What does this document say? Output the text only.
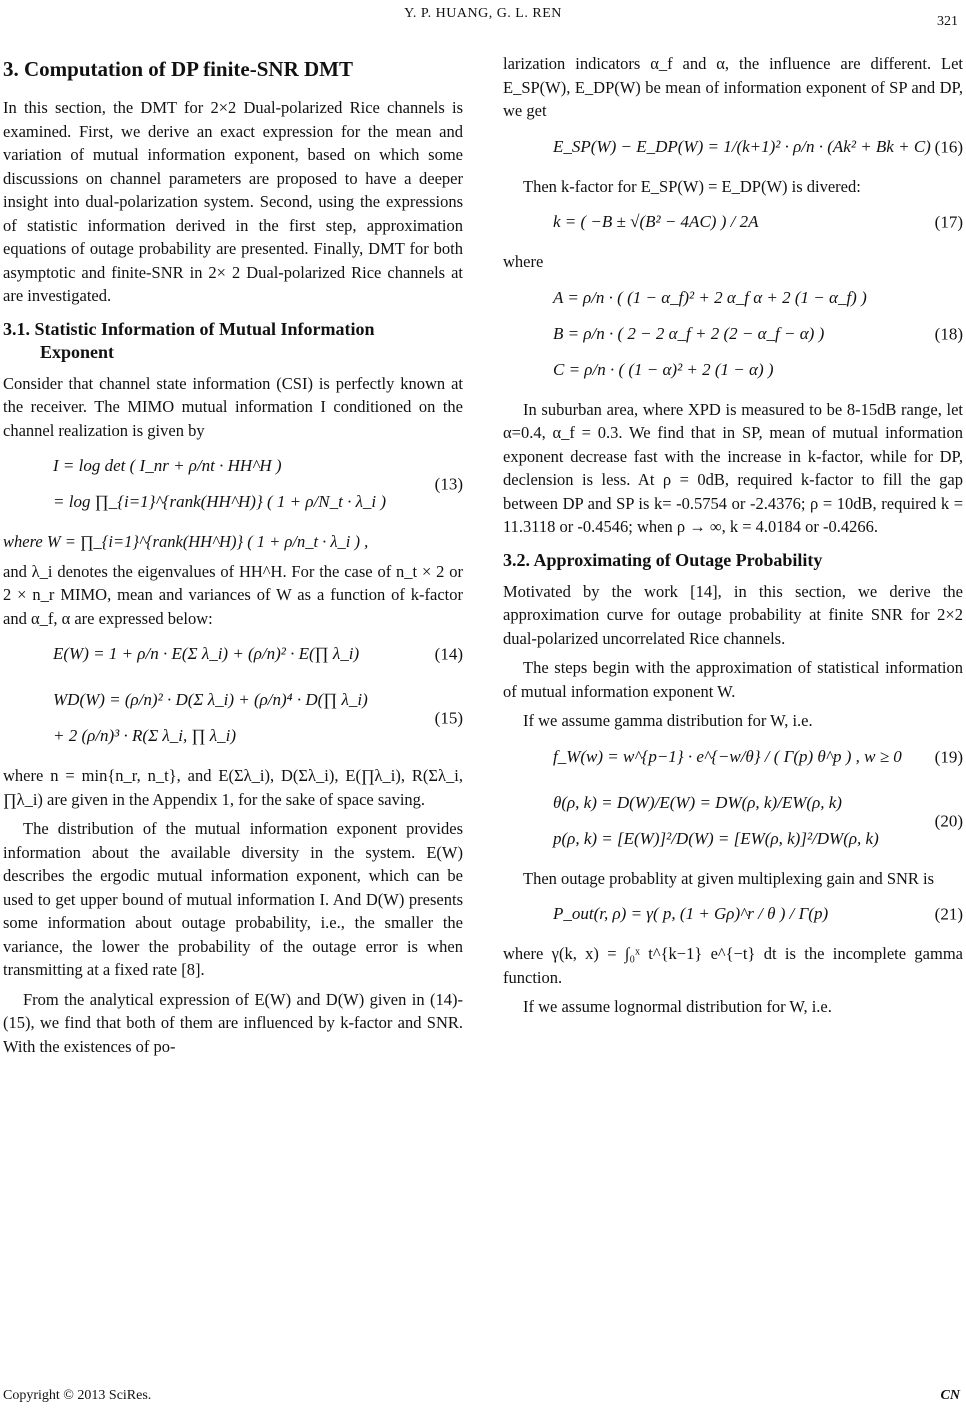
Y. P. HUANG, G. L. REN
321
3. Computation of DP finite-SNR DMT

In this section, the DMT for 2×2 Dual-polarized Rice channels is examined. First, we derive an exact expression for the mean and variation of mutual information exponent, based on which some discussions on channel parameters are proposed to have a deeper insight into dual-polarization system. Second, using the expressions of statistic information derived in the first step, approximation equations of outage probability are presented. Finally, DMT for both asymptotic and finite-SNR in 2× 2 Dual-polarized Rice channels at are investigated.

3.1. Statistic Information of Mutual Information
Exponent

Consider that channel state information (CSI) is perfectly known at the receiver. The MIMO mutual information I conditioned on the channel realization is given by

I = log det ( I_nr + ρ/nt · HH^H )
= log ∏_{i=1}^{rank(HH^H)} ( 1 + ρ/N_t · λ_i )
(13)

where W = ∏_{i=1}^{rank(HH^H)} ( 1 + ρ/n_t · λ_i ) ,

and λ_i denotes the eigenvalues of HH^H. For the case of n_t × 2 or 2 × n_r MIMO, mean and variances of W as a function of k-factor and α_f, α are expressed below:

E(W) = 1 + ρ/n · E(Σ λ_i) + (ρ/n)² · E(∏ λ_i)	(14)
WD(W) = (ρ/n)² · D(Σ λ_i) + (ρ/n)⁴ · D(∏ λ_i)
+ 2 (ρ/n)³ · R(Σ λ_i, ∏ λ_i)
(15)

where n = min{n_r, n_t}, and E(Σλ_i), D(Σλ_i), E(∏λ_i), R(Σλ_i, ∏λ_i) are given in the Appendix 1, for the sake of space saving.

The distribution of the mutual information exponent provides information about the available diversity in the system. E(W) describes the ergodic mutual information exponent, which can be used to get upper bound of mutual information I. And D(W) presents some information about outage probability, i.e., the smaller the variance, the lower the probability of the outage error is when transmitting at a fixed rate [8].

From the analytical expression of E(W) and D(W) given in (14)-(15), we find that both of them are influenced by k-factor and SNR. With the existences of po-

larization indicators α_f and α, the influence are different. Let E_SP(W), E_DP(W) be mean of information exponent of SP and DP, we get

E_SP(W) − E_DP(W) = 1/(k+1)² · ρ/n · (Ak² + Bk + C) (16)

Then k-factor for E_SP(W) = E_DP(W) is divered:

k = ( −B ± √(B² − 4AC) ) / 2A	(17)

where

A = ρ/n · ( (1 − α_f)² + 2 α_f α + 2 (1 − α_f) )
B = ρ/n · ( 2 − 2 α_f + 2 (2 − α_f − α) )
C = ρ/n · ( (1 − α)² + 2 (1 − α) )
(18)

In suburban area, where XPD is measured to be 8-15dB range, let α=0.4, α_f = 0.3. We find that in SP, mean of mutual information exponent decrease fast with the increase in k-factor, while for DP, declension is less. At ρ = 0dB, required k-factor to fill the gap between DP and SP is k= -0.5754 or -2.4376; ρ = 10dB, required k = 11.3118 or -0.4546; when ρ → ∞, k = 4.0184 or -0.4266.

3.2. Approximating of Outage Probability

Motivated by the work [14], in this section, we derive the approximation curve for outage probability at finite SNR for 2×2 dual-polarized uncorrelated Rice channels.

The steps begin with the approximation of statistical information of mutual information exponent W.

If we assume gamma distribution for W, i.e.

f_W(w) = w^{p−1} · e^{−w/θ} / ( Γ(p) θ^p ) , w ≥ 0	(19)
θ(ρ, k) = D(W)/E(W) = DW(ρ, k)/EW(ρ, k)
p(ρ, k) = [E(W)]²/D(W) = [EW(ρ, k)]²/DW(ρ, k)
(20)

Then outage probablity at given multiplexing gain and SNR is

P_out(r, ρ) = γ( p, (1 + Gρ)^r / θ ) / Γ(p)	(21)

where γ(k, x) = ∫₀ˣ t^{k−1} e^{−t} dt is the incomplete gamma function.

If we assume lognormal distribution for W, i.e.

Copyright © 2013 SciRes.	CN
